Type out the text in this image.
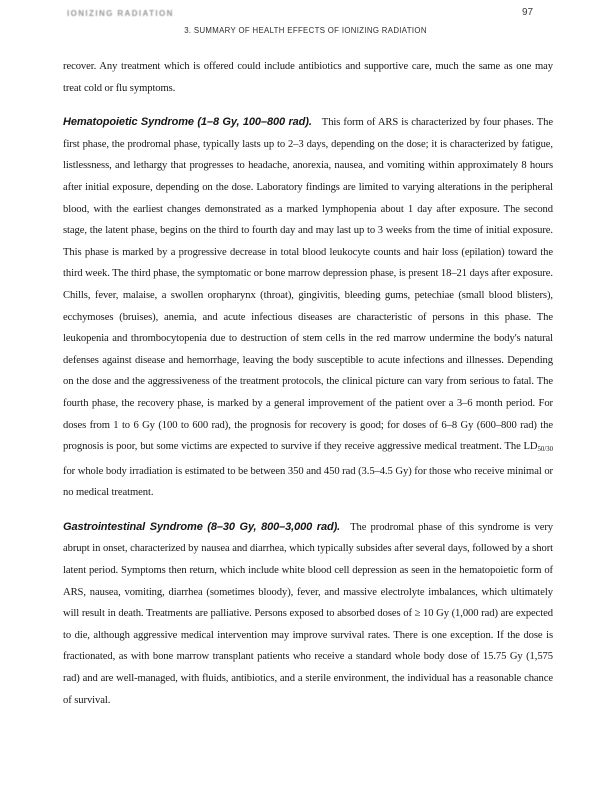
IONIZING RADIATION	97
3. SUMMARY OF HEALTH EFFECTS OF IONIZING RADIATION

recover. Any treatment which is offered could include antibiotics and supportive care, much the same as one may treat cold or flu symptoms.

Hematopoietic Syndrome (1–8 Gy, 100–800 rad). This form of ARS is characterized by four phases. The first phase, the prodromal phase, typically lasts up to 2–3 days, depending on the dose; it is characterized by fatigue, listlessness, and lethargy that progresses to headache, anorexia, nausea, and vomiting within approximately 8 hours after initial exposure, depending on the dose. Laboratory findings are limited to varying alterations in the peripheral blood, with the earliest changes demonstrated as a marked lymphopenia about 1 day after exposure. The second stage, the latent phase, begins on the third to fourth day and may last up to 3 weeks from the time of initial exposure. This phase is marked by a progressive decrease in total blood leukocyte counts and hair loss (epilation) toward the third week. The third phase, the symptomatic or bone marrow depression phase, is present 18–21 days after exposure. Chills, fever, malaise, a swollen oropharynx (throat), gingivitis, bleeding gums, petechiae (small blood blisters), ecchymoses (bruises), anemia, and acute infectious diseases are characteristic of persons in this phase. The leukopenia and thrombocytopenia due to destruction of stem cells in the red marrow undermine the body's natural defenses against disease and hemorrhage, leaving the body susceptible to acute infections and illnesses. Depending on the dose and the aggressiveness of the treatment protocols, the clinical picture can vary from serious to fatal. The fourth phase, the recovery phase, is marked by a general improvement of the patient over a 3–6 month period. For doses from 1 to 6 Gy (100 to 600 rad), the prognosis for recovery is good; for doses of 6–8 Gy (600–800 rad) the prognosis is poor, but some victims are expected to survive if they receive aggressive medical treatment. The LD50/30 for whole body irradiation is estimated to be between 350 and 450 rad (3.5–4.5 Gy) for those who receive minimal or no medical treatment.

Gastrointestinal Syndrome (8–30 Gy, 800–3,000 rad). The prodromal phase of this syndrome is very abrupt in onset, characterized by nausea and diarrhea, which typically subsides after several days, followed by a short latent period. Symptoms then return, which include white blood cell depression as seen in the hematopoietic form of ARS, nausea, vomiting, diarrhea (sometimes bloody), fever, and massive electrolyte imbalances, which ultimately will result in death. Treatments are palliative. Persons exposed to absorbed doses of ≥ 10 Gy (1,000 rad) are expected to die, although aggressive medical intervention may improve survival rates. There is one exception. If the dose is fractionated, as with bone marrow transplant patients who receive a standard whole body dose of 15.75 Gy (1,575 rad) and are well-managed, with fluids, antibiotics, and a sterile environment, the individual has a reasonable chance of survival.
